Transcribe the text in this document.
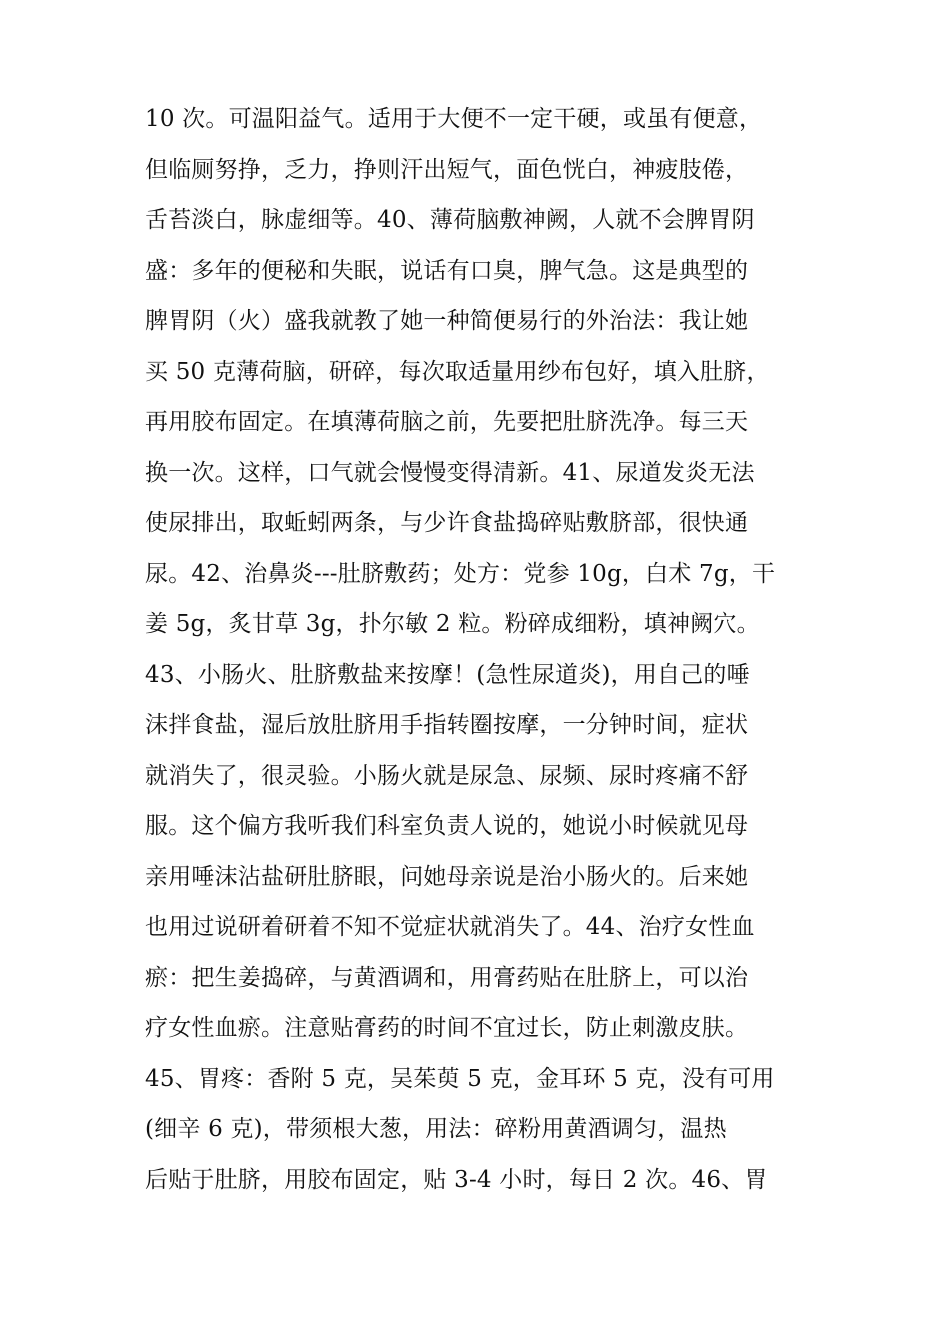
10 次。可温阳益气。适用于大便不一定干硬，或虽有便意，
但临厕努挣，乏力，挣则汗出短气，面色恍白，神疲肢倦，
舌苔淡白，脉虚细等。40、薄荷脑敷神阙，人就不会脾胃阴
盛：多年的便秘和失眠，说话有口臭，脾气急。这是典型的
脾胃阴（火）盛我就教了她一种简便易行的外治法：我让她
买 50 克薄荷脑，研碎，每次取适量用纱布包好，填入肚脐，
再用胶布固定。在填薄荷脑之前，先要把肚脐洗净。每三天
换一次。这样，口气就会慢慢变得清新。41、尿道发炎无法
使尿排出，取蚯蚓两条，与少许食盐捣碎贴敷脐部，很快通
尿。42、治鼻炎---肚脐敷药；处方：党参 10g，白术 7g，干
姜 5g，炙甘草 3g，扑尔敏 2 粒。粉碎成细粉，填神阙穴。
43、小肠火、肚脐敷盐来按摩！(急性尿道炎)，用自己的唾
沫拌食盐，湿后放肚脐用手指转圈按摩，一分钟时间，症状
就消失了，很灵验。小肠火就是尿急、尿频、尿时疼痛不舒
服。这个偏方我听我们科室负责人说的，她说小时候就见母
亲用唾沫沾盐研肚脐眼，问她母亲说是治小肠火的。后来她
也用过说研着研着不知不觉症状就消失了。44、治疗女性血
瘀：把生姜捣碎，与黄酒调和，用膏药贴在肚脐上，可以治
疗女性血瘀。注意贴膏药的时间不宜过长，防止刺激皮肤。
45、胃疼：香附 5 克，吴茱萸 5 克，金耳环 5 克，没有可用
(细辛 6 克)，带须根大葱，用法：碎粉用黄酒调匀，温热
后贴于肚脐，用胶布固定，贴 3-4 小时，每日 2 次。46、胃
